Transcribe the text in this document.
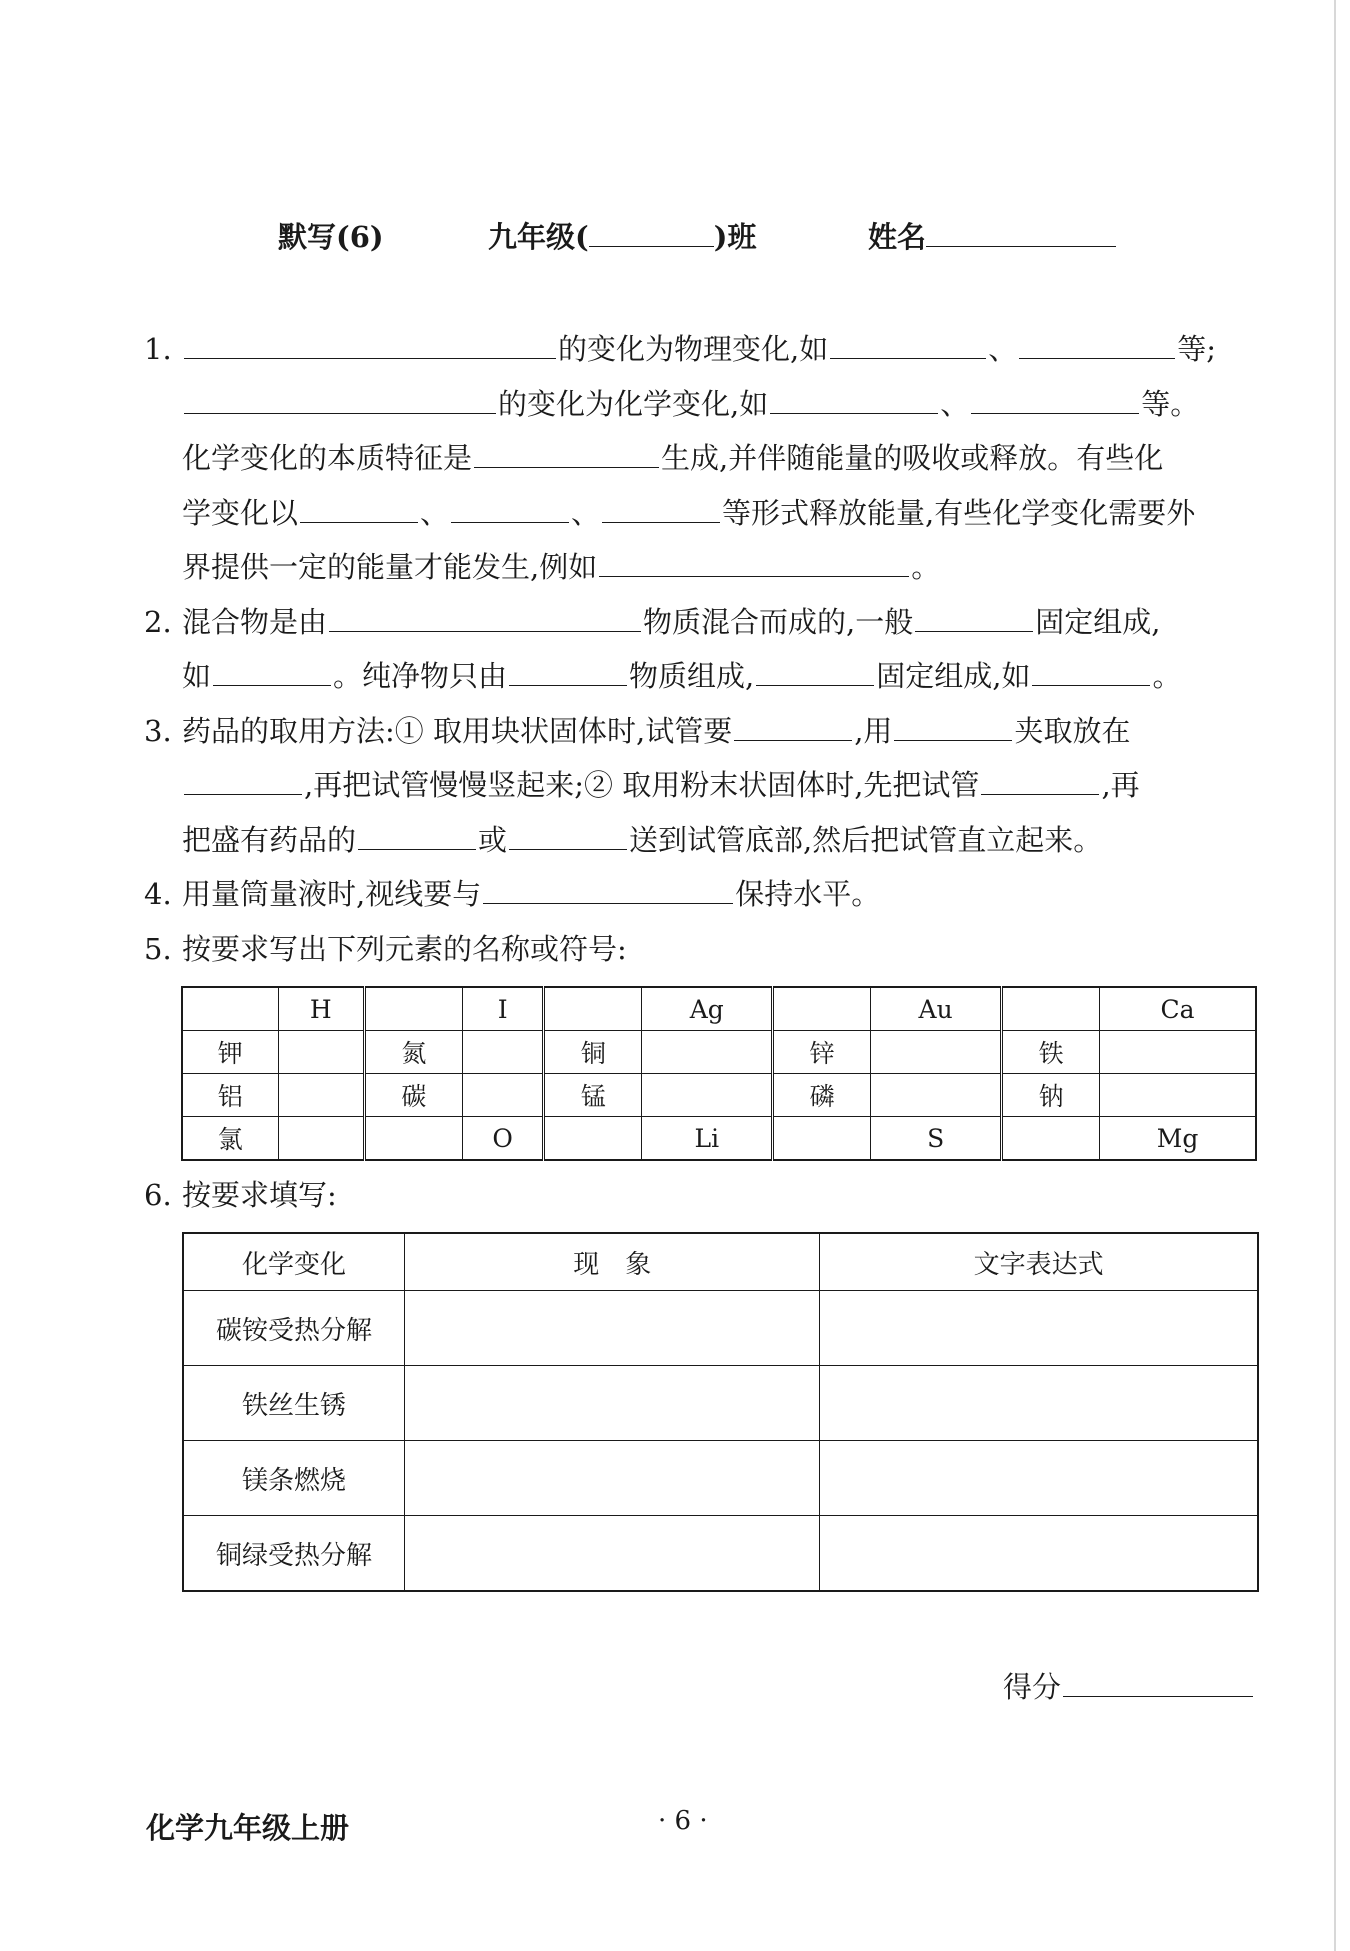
默写(6)	九年级(	)班	姓名
1.	的变化为物理变化,如	、	等;
的变化为化学变化,如	、	等。
化学变化的本质特征是	生成,并伴随能量的吸收或释放。有些化
学变化以	、	、	等形式释放能量,有些化学变化需要外
界提供一定的能量才能发生,例如	。
2. 混合物是由	物质混合而成的,一般	固定组成,
如	。纯净物只由	物质组成,	固定组成,如	。
3. 药品的取用方法:① 取用块状固体时,试管要	,用	夹取放在
,再把试管慢慢竖起来;② 取用粉末状固体时,先把试管	,再
把盛有药品的	或	送到试管底部,然后把试管直立起来。
4. 用量筒量液时,视线要与	保持水平。
5. 按要求写出下列元素的名称或符号:
	H		I		Ag		Au		Ca
钾		氮		铜		锌		铁	
铝		碳		锰		磷		钠	
氯			O		Li		S		Mg
6. 按要求填写:
化学变化	现　象	文字表达式
碳铵受热分解		
铁丝生锈		
镁条燃烧		
铜绿受热分解		
得分
化学九年级上册	· 6 ·
